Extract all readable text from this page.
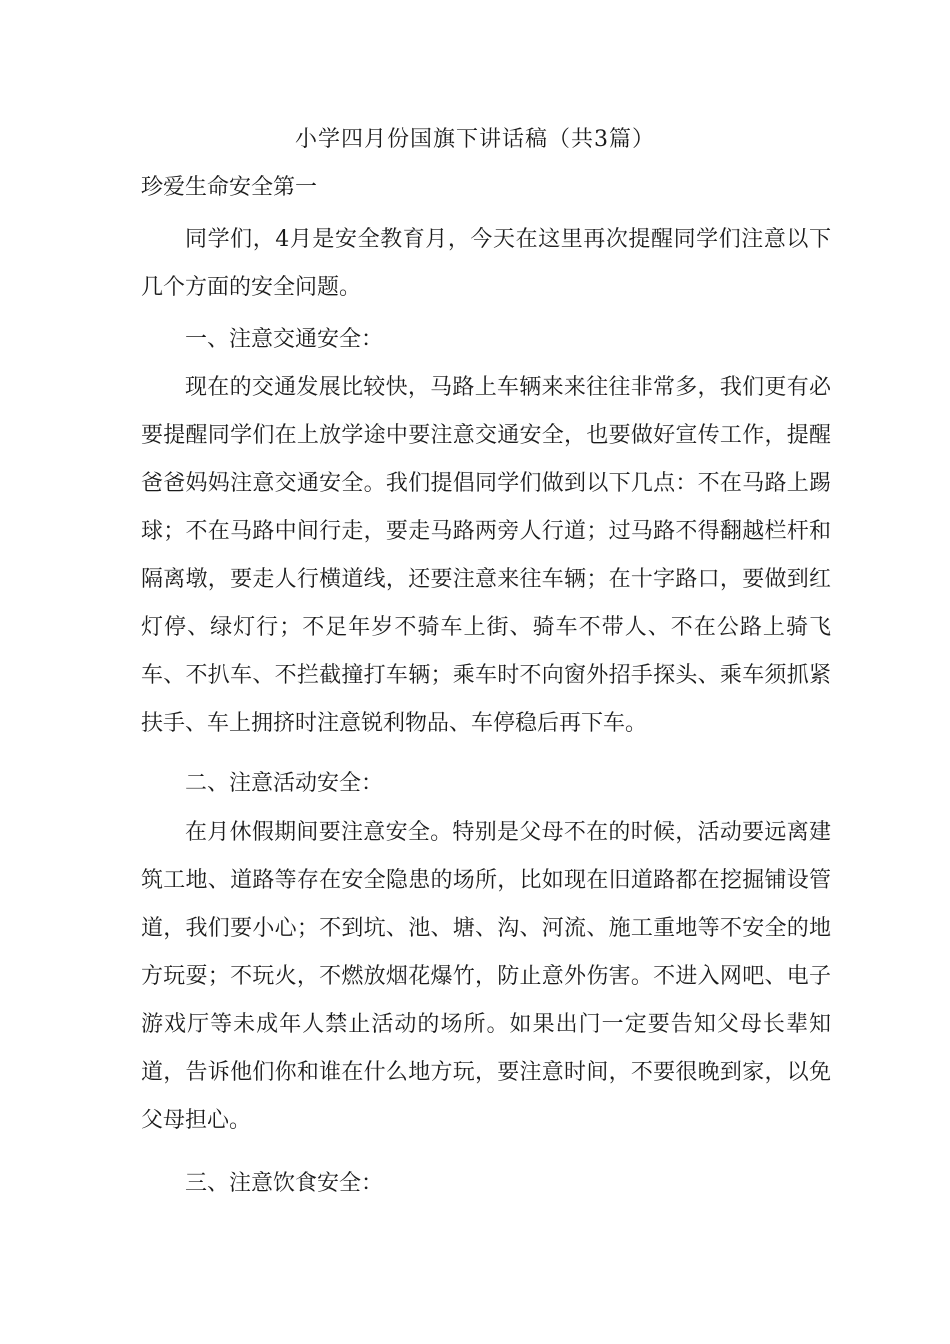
小学四月份国旗下讲话稿（共3篇）
珍爱生命安全第一

同学们，4月是安全教育月，今天在这里再次提醒同学们注意以下几个方面的安全问题。

一、注意交通安全：

现在的交通发展比较快，马路上车辆来来往往非常多，我们更有必要提醒同学们在上放学途中要注意交通安全，也要做好宣传工作，提醒爸爸妈妈注意交通安全。我们提倡同学们做到以下几点：不在马路上踢球；不在马路中间行走，要走马路两旁人行道；过马路不得翻越栏杆和隔离墩，要走人行横道线，还要注意来往车辆；在十字路口，要做到红灯停、绿灯行；不足年岁不骑车上街、骑车不带人、不在公路上骑飞车、不扒车、不拦截撞打车辆；乘车时不向窗外招手探头、乘车须抓紧扶手、车上拥挤时注意锐利物品、车停稳后再下车。

二、注意活动安全：

在月休假期间要注意安全。特别是父母不在的时候，活动要远离建筑工地、道路等存在安全隐患的场所，比如现在旧道路都在挖掘铺设管道，我们要小心；不到坑、池、塘、沟、河流、施工重地等不安全的地方玩耍；不玩火，不燃放烟花爆竹，防止意外伤害。不进入网吧、电子游戏厅等未成年人禁止活动的场所。如果出门一定要告知父母长辈知道，告诉他们你和谁在什么地方玩，要注意时间，不要很晚到家，以免父母担心。

三、注意饮食安全：
